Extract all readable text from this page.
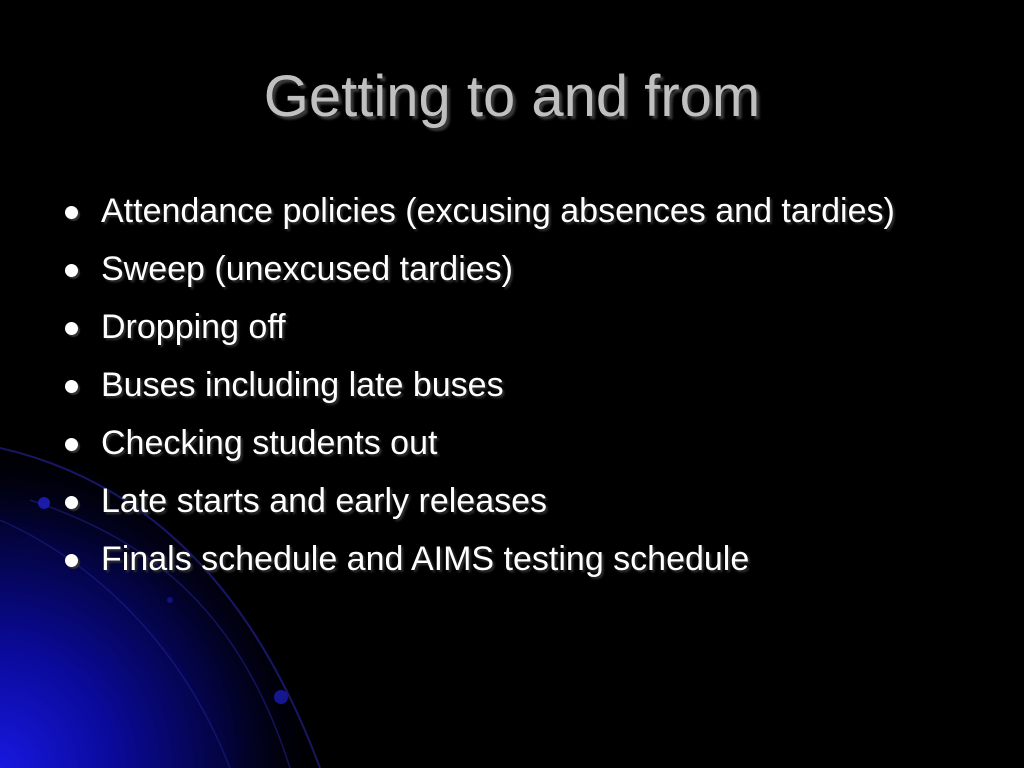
Getting to and from
Attendance policies (excusing absences and tardies)
Sweep (unexcused tardies)
Dropping off
Buses including late buses
Checking students out
Late starts and early releases
Finals schedule and AIMS testing schedule
